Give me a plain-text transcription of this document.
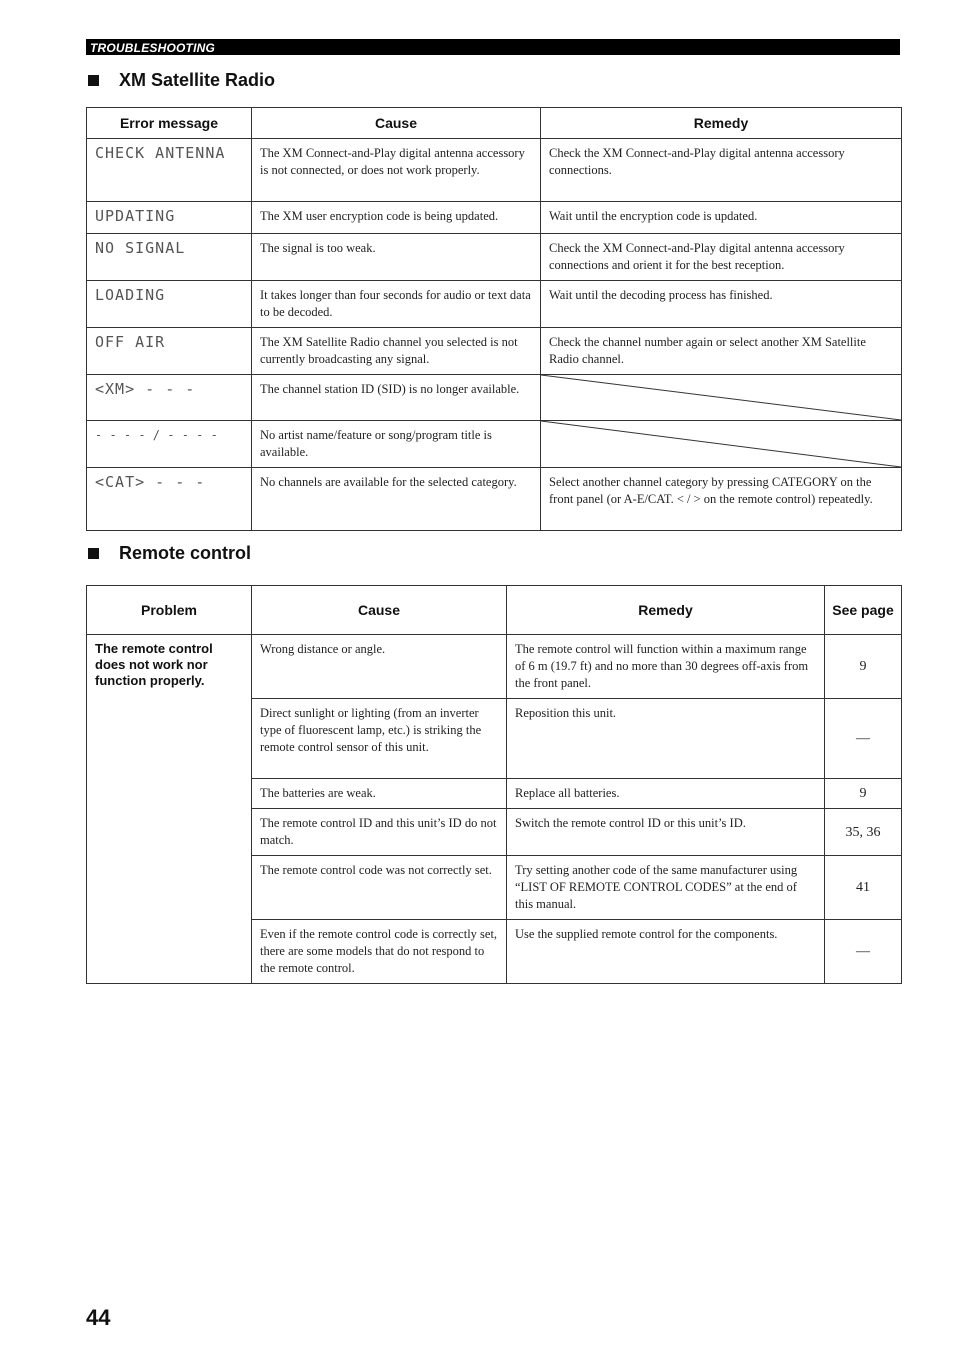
TROUBLESHOOTING
XM Satellite Radio
Error message	Cause	Remedy
CHECK ANTENNA	The XM Connect-and-Play digital antenna accessory is not connected, or does not work properly.	Check the XM Connect-and-Play digital antenna accessory connections.
UPDATING	The XM user encryption code is being updated.	Wait until the encryption code is updated.
NO SIGNAL	The signal is too weak.	Check the XM Connect-and-Play digital antenna accessory connections and orient it for the best reception.
LOADING	It takes longer than four seconds for audio or text data to be decoded.	Wait until the decoding process has finished.
OFF AIR	The XM Satellite Radio channel you selected is not currently broadcasting any signal.	Check the channel number again or select another XM Satellite Radio channel.
<XM> - - -	The channel station ID (SID) is no longer available.	

- - - - / - - - -	No artist name/feature or song/program title is available.	

<CAT> - - -	No channels are available for the selected category.	Select another channel category by pressing CATEGORY on the front panel (or A-E/CAT. < / > on the remote control) repeatedly.
Remote control
Problem	Cause	Remedy	See page
The remote control does not work nor function properly.	Wrong distance or angle.	The remote control will function within a maximum range of 6 m (19.7 ft) and no more than 30 degrees off-axis from the front panel.	9
	Direct sunlight or lighting (from an inverter type of fluorescent lamp, etc.) is striking the remote control sensor of this unit.	Reposition this unit.	—
	The batteries are weak.	Replace all batteries.	9
	The remote control ID and this unit’s ID do not match.	Switch the remote control ID or this unit’s ID.	35, 36
	The remote control code was not correctly set.	Try setting another code of the same manufacturer using “LIST OF REMOTE CONTROL CODES” at the end of this manual.	41
	Even if the remote control code is correctly set, there are some models that do not respond to the remote control.	Use the supplied remote control for the components.	—
44
